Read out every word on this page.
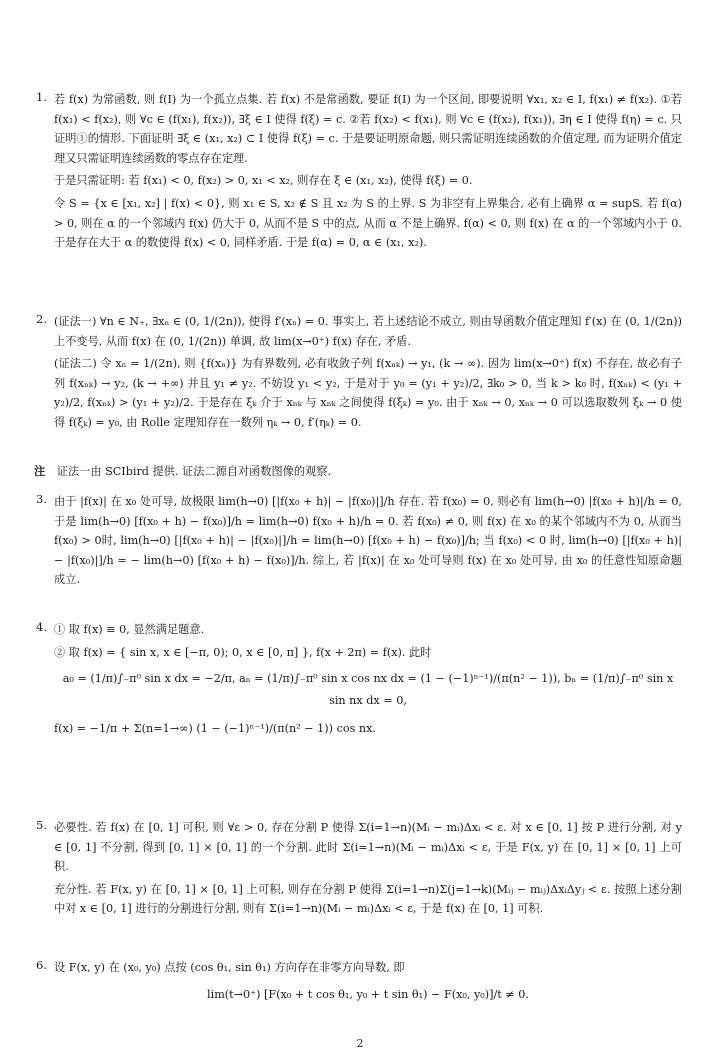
1. 若 f(x) 为常函数, 则 f(I) 为一个孤立点集. 若 f(x) 不是常函数, 要证 f(I) 为一个区间, 即要说明 ∀x₁, x₂ ∈ I, f(x₁) ≠ f(x₂). ①若 f(x₁) < f(x₂), 则 ∀c ∈ (f(x₁), f(x₂)), ∃ξ ∈ I 使得 f(ξ) = c. ②若 f(x₂) < f(x₁), 则 ∀c ∈ (f(x₂), f(x₁)), ∃η ∈ I 使得 f(η) = c. 只证明①的情形. 下面证明 ∃ξ ∈ (x₁, x₂) ⊂ I 使得 f(ξ) = c. 于是要证明原命题, 则只需证明连续函数的介值定理, 而为证明介值定理又只需证明连续函数的零点存在定理.

于是只需证明: 若 f(x₁) < 0, f(x₂) > 0, x₁ < x₂, 则存在 ξ ∈ (x₁, x₂), 使得 f(ξ) = 0.

令 S = {x ∈ [x₁, x₂] | f(x) < 0}, 则 x₁ ∈ S, x₂ ∉ S 且 x₂ 为 S 的上界. S 为非空有上界集合, 必有上确界 α = supS. 若 f(α) > 0, 则在 α 的一个邻域内 f(x) 仍大于 0, 从而不是 S 中的点, 从而 α 不是上确界. f(α) < 0, 则 f(x) 在 α 的一个邻域内小于 0. 于是存在大于 α 的数使得 f(x) < 0, 同样矛盾. 于是 f(α) = 0, α ∈ (x₁, x₂).

2. (证法一) ∀n ∈ N₊, ∃xₙ ∈ (0, 1/(2n)), 使得 f′(xₙ) = 0. 事实上, 若上述结论不成立, 则由导函数介值定理知 f′(x) 在 (0, 1/(2n)) 上不变号, 从而 f(x) 在 (0, 1/(2n)) 单调, 故 lim(x→0⁺) f(x) 存在, 矛盾.

(证法二) 令 xₙ = 1/(2n), 则 {f(xₙ)} 为有界数列, 必有收敛子列 f(xₙₖ) → y₁, (k → ∞). 因为 lim(x→0⁺) f(x) 不存在, 故必有子列 f(xₙₖ) → y₂, (k → +∞) 并且 y₁ ≠ y₂. 不妨设 y₁ < y₂, 于是对于 y₀ = (y₁ + y₂)/2, ∃k₀ > 0, 当 k > k₀ 时, f(xₙₖ) < (y₁ + y₂)/2, f(xₙₖ) > (y₁ + y₂)/2. 于是存在 ξₖ 介于 xₙₖ 与 xₙₖ 之间使得 f(ξₖ) = y₀. 由于 xₙₖ → 0, xₙₖ → 0 可以选取数列 ξₖ → 0 使得 f(ξₖ) = y₀, 由 Rolle 定理知存在一数列 ηₖ → 0, f′(ηₖ) = 0.

注 证法一由 SCIbird 提供. 证法二源自对函数图像的观察.
3. 由于 |f(x)| 在 x₀ 处可导, 故极限 lim(h→0) [|f(x₀ + h)| − |f(x₀)|]/h 存在. 若 f(x₀) = 0, 则必有 lim(h→0) |f(x₀ + h)|/h = 0, 于是 lim(h→0) [f(x₀ + h) − f(x₀)]/h = lim(h→0) f(x₀ + h)/h = 0. 若 f(x₀) ≠ 0, 则 f(x) 在 x₀ 的某个邻域内不为 0, 从而当 f(x₀) > 0时, lim(h→0) [|f(x₀ + h)| − |f(x₀)|]/h = lim(h→0) [f(x₀ + h) − f(x₀)]/h; 当 f(x₀) < 0 时, lim(h→0) [|f(x₀ + h)| − |f(x₀)|]/h = − lim(h→0) [f(x₀ + h) − f(x₀)]/h. 综上, 若 |f(x)| 在 x₀ 处可导则 f(x) 在 x₀ 处可导, 由 x₀ 的任意性知原命题成立.

4. ① 取 f(x) ≡ 0, 显然满足题意.

② 取 f(x) = { sin x, x ∈ [−π, 0); 0, x ∈ [0, π] }, f(x + 2π) = f(x). 此时

a₀ = (1/π)∫₋π⁰ sin x dx = −2/π, aₙ = (1/π)∫₋π⁰ sin x cos nx dx = (1 − (−1)ⁿ⁻¹)/(π(n² − 1)), bₙ = (1/π)∫₋π⁰ sin x sin nx dx = 0,
f(x) = −1/π + Σ(n=1→∞) (1 − (−1)ⁿ⁻¹)/(π(n² − 1)) cos nx.
5. 必要性. 若 f(x) 在 [0, 1] 可积, 则 ∀ε > 0, 存在分割 P 使得 Σ(i=1→n)(Mᵢ − mᵢ)Δxᵢ < ε. 对 x ∈ [0, 1] 按 P 进行分割, 对 y ∈ [0, 1] 不分割, 得到 [0, 1] × [0, 1] 的一个分割. 此时 Σ(i=1→n)(Mᵢ − mᵢ)Δxᵢ < ε, 于是 F(x, y) 在 [0, 1] × [0, 1] 上可积.

充分性. 若 F(x, y) 在 [0, 1] × [0, 1] 上可积, 则存在分割 P 使得 Σ(i=1→n)Σ(j=1→k)(Mᵢⱼ − mᵢⱼ)ΔxᵢΔyⱼ < ε. 按照上述分割中对 x ∈ [0, 1] 进行的分割进行分割, 则有 Σ(i=1→n)(Mᵢ − mᵢ)Δxᵢ < ε, 于是 f(x) 在 [0, 1] 可积.

6. 设 F(x, y) 在 (x₀, y₀) 点按 (cos θ₁, sin θ₁) 方向存在非零方向导数, 即

lim(t→0⁺) [F(x₀ + t cos θ₁, y₀ + t sin θ₁) − F(x₀, y₀)]/t ≠ 0.
2
